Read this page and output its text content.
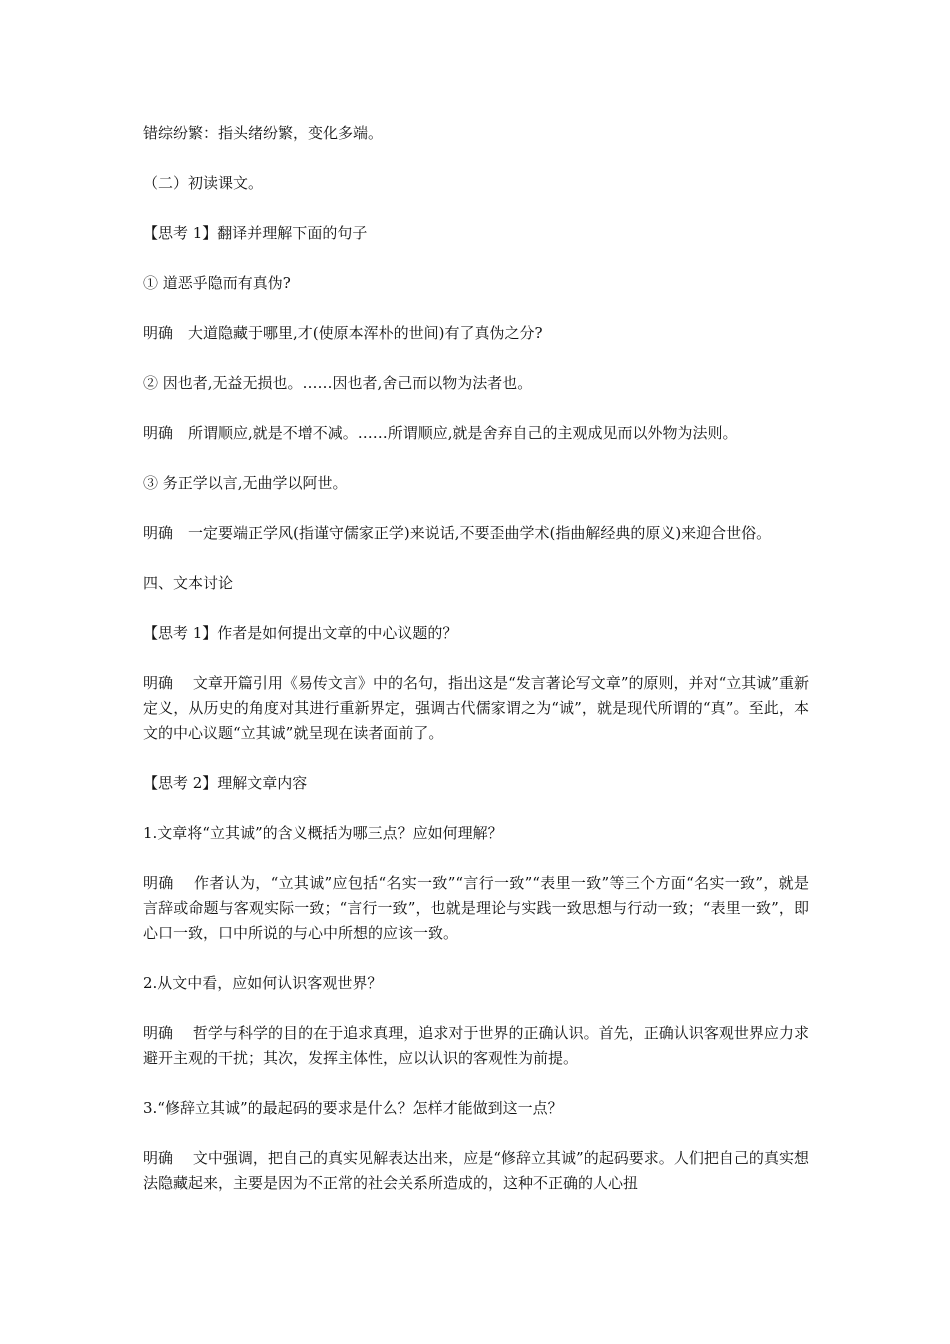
错综纷繁：指头绪纷繁，变化多端。

（二）初读课文。

【思考 1】翻译并理解下面的句子

① 道恶乎隐而有真伪?

明确　大道隐藏于哪里,才(使原本浑朴的世间)有了真伪之分?

② 因也者,无益无损也。……因也者,舍己而以物为法者也。

明确　所谓顺应,就是不增不减。……所谓顺应,就是舍弃自己的主观成见而以外物为法则。

③ 务正学以言,无曲学以阿世。

明确　一定要端正学风(指谨守儒家正学)来说话,不要歪曲学术(指曲解经典的原义)来迎合世俗。

四、文本讨论

【思考 1】作者是如何提出文章的中心议题的？

明确　 文章开篇引用《易传文言》中的名句，指出这是“发言著论写文章”的原则，并对“立其诚”重新定义，从历史的角度对其进行重新界定，强调古代儒家谓之为“诚”，就是现代所谓的“真”。至此，本文的中心议题“立其诚”就呈现在读者面前了。

【思考 2】理解文章内容

1.文章将“立其诚”的含义概括为哪三点？应如何理解？

明确　 作者认为，“立其诚”应包括“名实一致”“言行一致”“表里一致”等三个方面“名实一致”，就是言辞或命题与客观实际一致；“言行一致”，也就是理论与实践一致思想与行动一致；“表里一致”，即心口一致，口中所说的与心中所想的应该一致。

2.从文中看，应如何认识客观世界？

明确　 哲学与科学的目的在于追求真理，追求对于世界的正确认识。首先，正确认识客观世界应力求避开主观的干扰；其次，发挥主体性，应以认识的客观性为前提。

3.“修辞立其诚”的最起码的要求是什么？怎样才能做到这一点？

明确　 文中强调，把自己的真实见解表达出来，应是“修辞立其诚”的起码要求。人们把自己的真实想法隐藏起来，主要是因为不正常的社会关系所造成的，这种不正确的人心扭
